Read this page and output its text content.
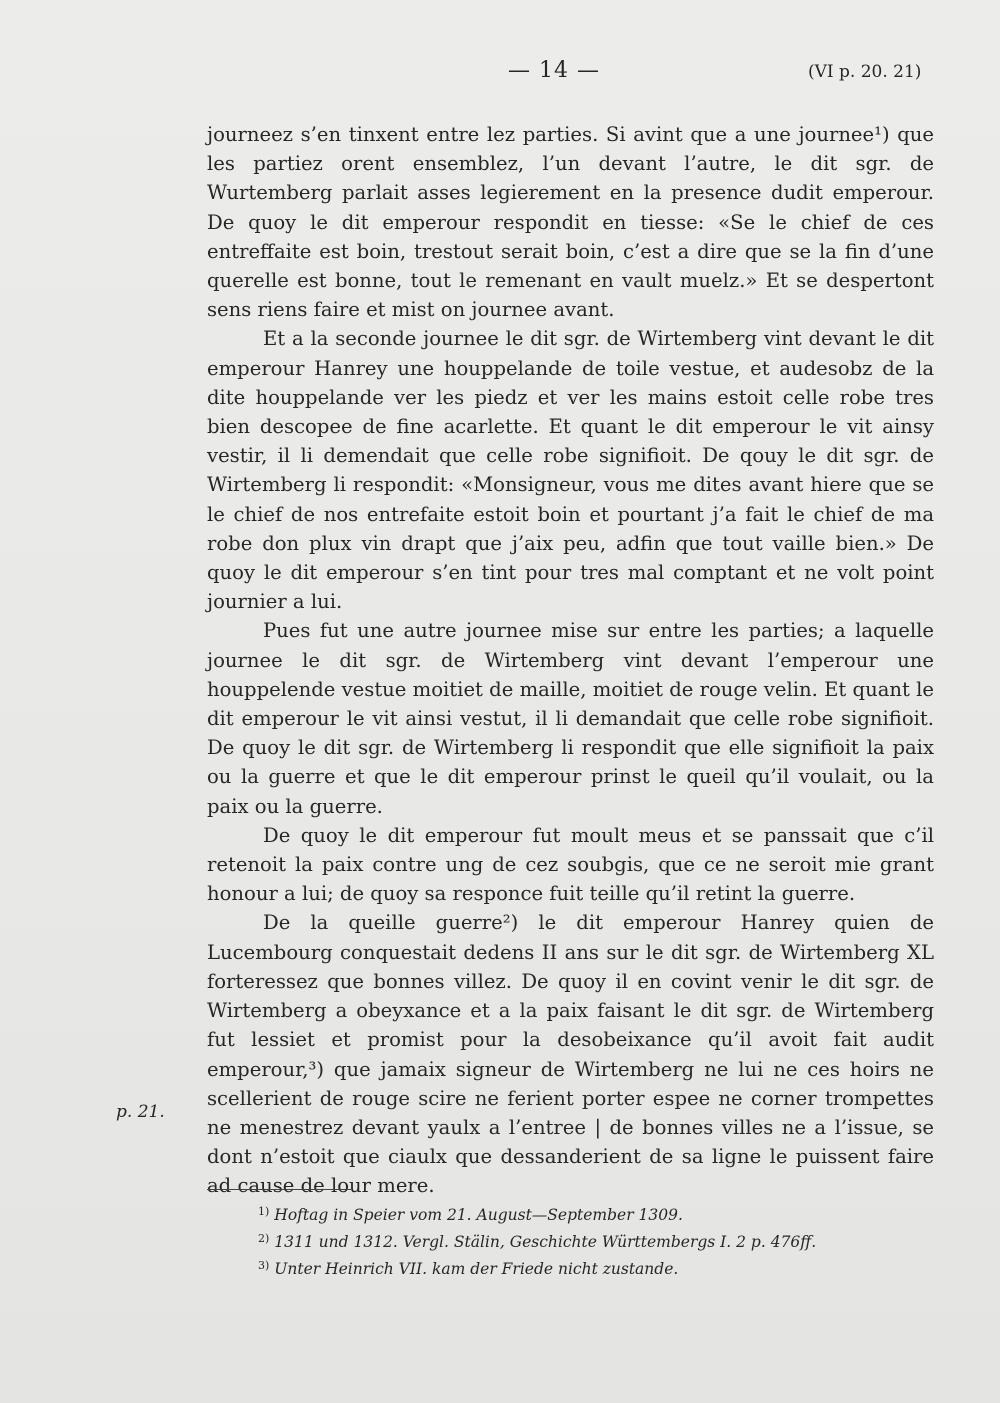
— 14 —	(VI p. 20. 21)
p. 21.

journeez s’en tinxent entre lez parties. Si avint que a une journee¹) que les partiez orent ensemblez, l’un devant l’autre, le dit sgr. de Wurtemberg parlait asses legierement en la presence dudit emperour. De quoy le dit emperour respondit en tiesse: «Se le chief de ces entreffaite est boin, trestout serait boin, c’est a dire que se la fin d’une querelle est bonne, tout le remenant en vault muelz.» Et se despertont sens riens faire et mist on journee avant.

Et a la seconde journee le dit sgr. de Wirtemberg vint devant le dit emperour Hanrey une houppelande de toile vestue, et audesobz de la dite houppelande ver les piedz et ver les mains estoit celle robe tres bien descopee de fine acarlette. Et quant le dit emperour le vit ainsy vestir, il li demendait que celle robe signifioit. De qouy le dit sgr. de Wirtemberg li respondit: «Monsigneur, vous me dites avant hiere que se le chief de nos entrefaite estoit boin et pourtant j’a fait le chief de ma robe don plux vin drapt que j’aix peu, adfin que tout vaille bien.» De quoy le dit emperour s’en tint pour tres mal comptant et ne volt point journier a lui.

Pues fut une autre journee mise sur entre les parties; a laquelle journee le dit sgr. de Wirtemberg vint devant l’emperour une houppelende vestue moitiet de maille, moitiet de rouge velin. Et quant le dit emperour le vit ainsi vestut, il li demandait que celle robe signifioit. De quoy le dit sgr. de Wirtemberg li respondit que elle signifioit la paix ou la guerre et que le dit emperour prinst le queil qu’il voulait, ou la paix ou la guerre.

De quoy le dit emperour fut moult meus et se panssait que c’il retenoit la paix contre ung de cez soubgis, que ce ne seroit mie grant honour a lui; de quoy sa responce fuit teille qu’il retint la guerre.

De la queille guerre²) le dit emperour Hanrey quien de Lucembourg conquestait dedens II ans sur le dit sgr. de Wirtemberg XL forteressez que bonnes villez. De quoy il en covint venir le dit sgr. de Wirtemberg a obeyxance et a la paix faisant le dit sgr. de Wirtemberg fut lessiet et promist pour la desobeixance qu’il avoit fait audit emperour,³) que jamaix signeur de Wirtemberg ne lui ne ces hoirs ne scellerient de rouge scire ne ferient porter espee ne corner trompettes ne menestrez devant yaulx a l’entree | de bonnes villes ne a l’issue, se dont n’estoit que ciaulx que dessanderient de sa ligne le puissent faire ad cause de lour mere.

$^{1)}$ Hoftag in Speier vom 21. August—September 1309.
$^{2)}$ 1311 und 1312. Vergl. Stälin, Geschichte Württembergs I. 2 p. 476ff.
$^{3)}$ Unter Heinrich VII. kam der Friede nicht zustande.
